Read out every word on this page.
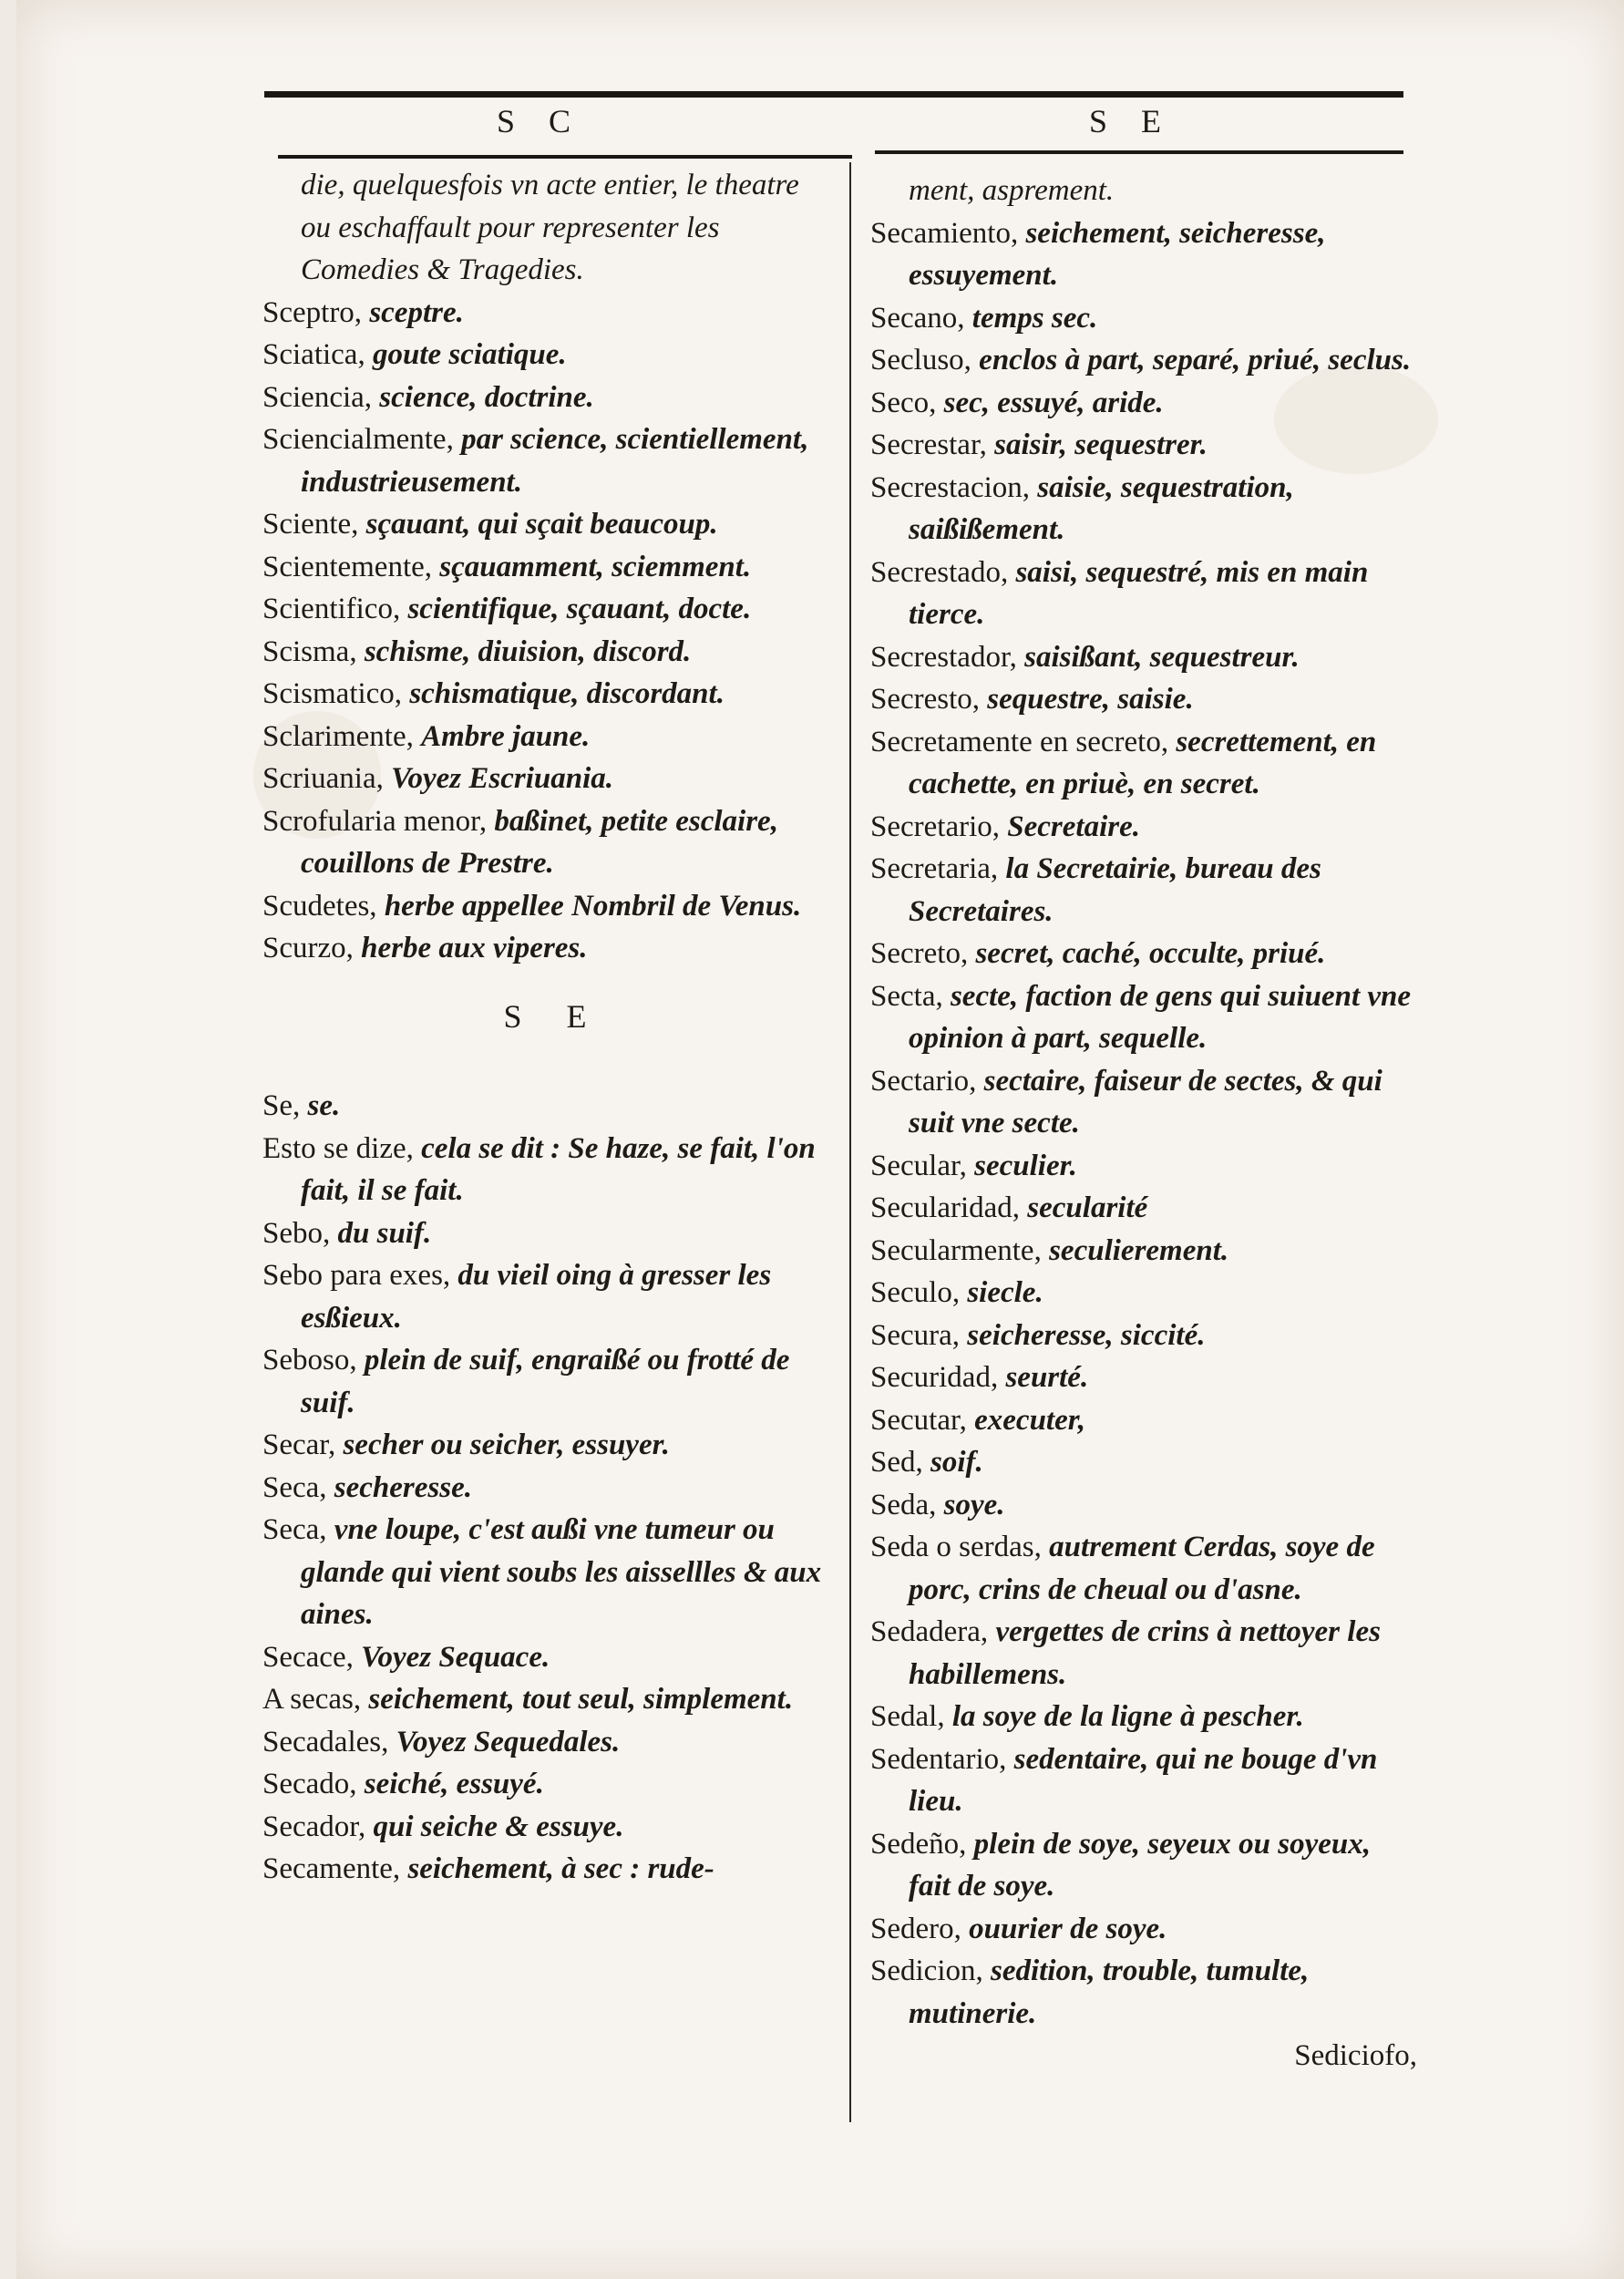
S C	S E

die, quelquesfois vn acte entier, le theatre ou eschaffault pour representer les Comedies & Tragedies.

Sceptro, sceptre.

Sciatica, goute sciatique.

Sciencia, science, doctrine.

Sciencialmente, par science, scientiellement, industrieusement.

Sciente, sçauant, qui sçait beaucoup.

Scientemente, sçauamment, sciemment.

Scientifico, scientifique, sçauant, docte.

Scisma, schisme, diuision, discord.

Scismatico, schismatique, discordant.

Sclarimente, Ambre jaune.

Scriuania, Voyez Escriuania.

Scrofularia menor, baßinet, petite esclaire, couillons de Prestre.

Scudetes, herbe appellee Nombril de Venus.

Scurzo, herbe aux viperes.

S E

Se, se.

Esto se dize, cela se dit : Se haze, se fait, l'on fait, il se fait.

Sebo, du suif.

Sebo para exes, du vieil oing à gresser les esßieux.

Seboso, plein de suif, engraißé ou frotté de suif.

Secar, secher ou seicher, essuyer.

Seca, secheresse.

Seca, vne loupe, c'est außi vne tumeur ou glande qui vient soubs les aissellles & aux aines.

Secace, Voyez Sequace.

A secas, seichement, tout seul, simplement.

Secadales, Voyez Sequedales.

Secado, seiché, essuyé.

Secador, qui seiche & essuye.

Secamente, seichement, à sec : rude-

ment, asprement.

Secamiento, seichement, seicheresse, essuyement.

Secano, temps sec.

Secluso, enclos à part, separé, priué, seclus.

Seco, sec, essuyé, aride.

Secrestar, saisir, sequestrer.

Secrestacion, saisie, sequestration, saißißement.

Secrestado, saisi, sequestré, mis en main tierce.

Secrestador, saisißant, sequestreur.

Secresto, sequestre, saisie.

Secretamente en secreto, secrettement, en cachette, en priuè, en secret.

Secretario, Secretaire.

Secretaria, la Secretairie, bureau des Secretaires.

Secreto, secret, caché, occulte, priué.

Secta, secte, faction de gens qui suiuent vne opinion à part, sequelle.

Sectario, sectaire, faiseur de sectes, & qui suit vne secte.

Secular, seculier.

Secularidad, secularité

Secularmente, seculierement.

Seculo, siecle.

Secura, seicheresse, siccité.

Securidad, seurté.

Secutar, executer,

Sed, soif.

Seda, soye.

Seda o serdas, autrement Cerdas, soye de porc, crins de cheual ou d'asne.

Sedadera, vergettes de crins à nettoyer les habillemens.

Sedal, la soye de la ligne à pescher.

Sedentario, sedentaire, qui ne bouge d'vn lieu.

Sedeño, plein de soye, seyeux ou soyeux, fait de soye.

Sedero, ouurier de soye.

Sedicion, sedition, trouble, tumulte, mutinerie.

Sediciofo,
